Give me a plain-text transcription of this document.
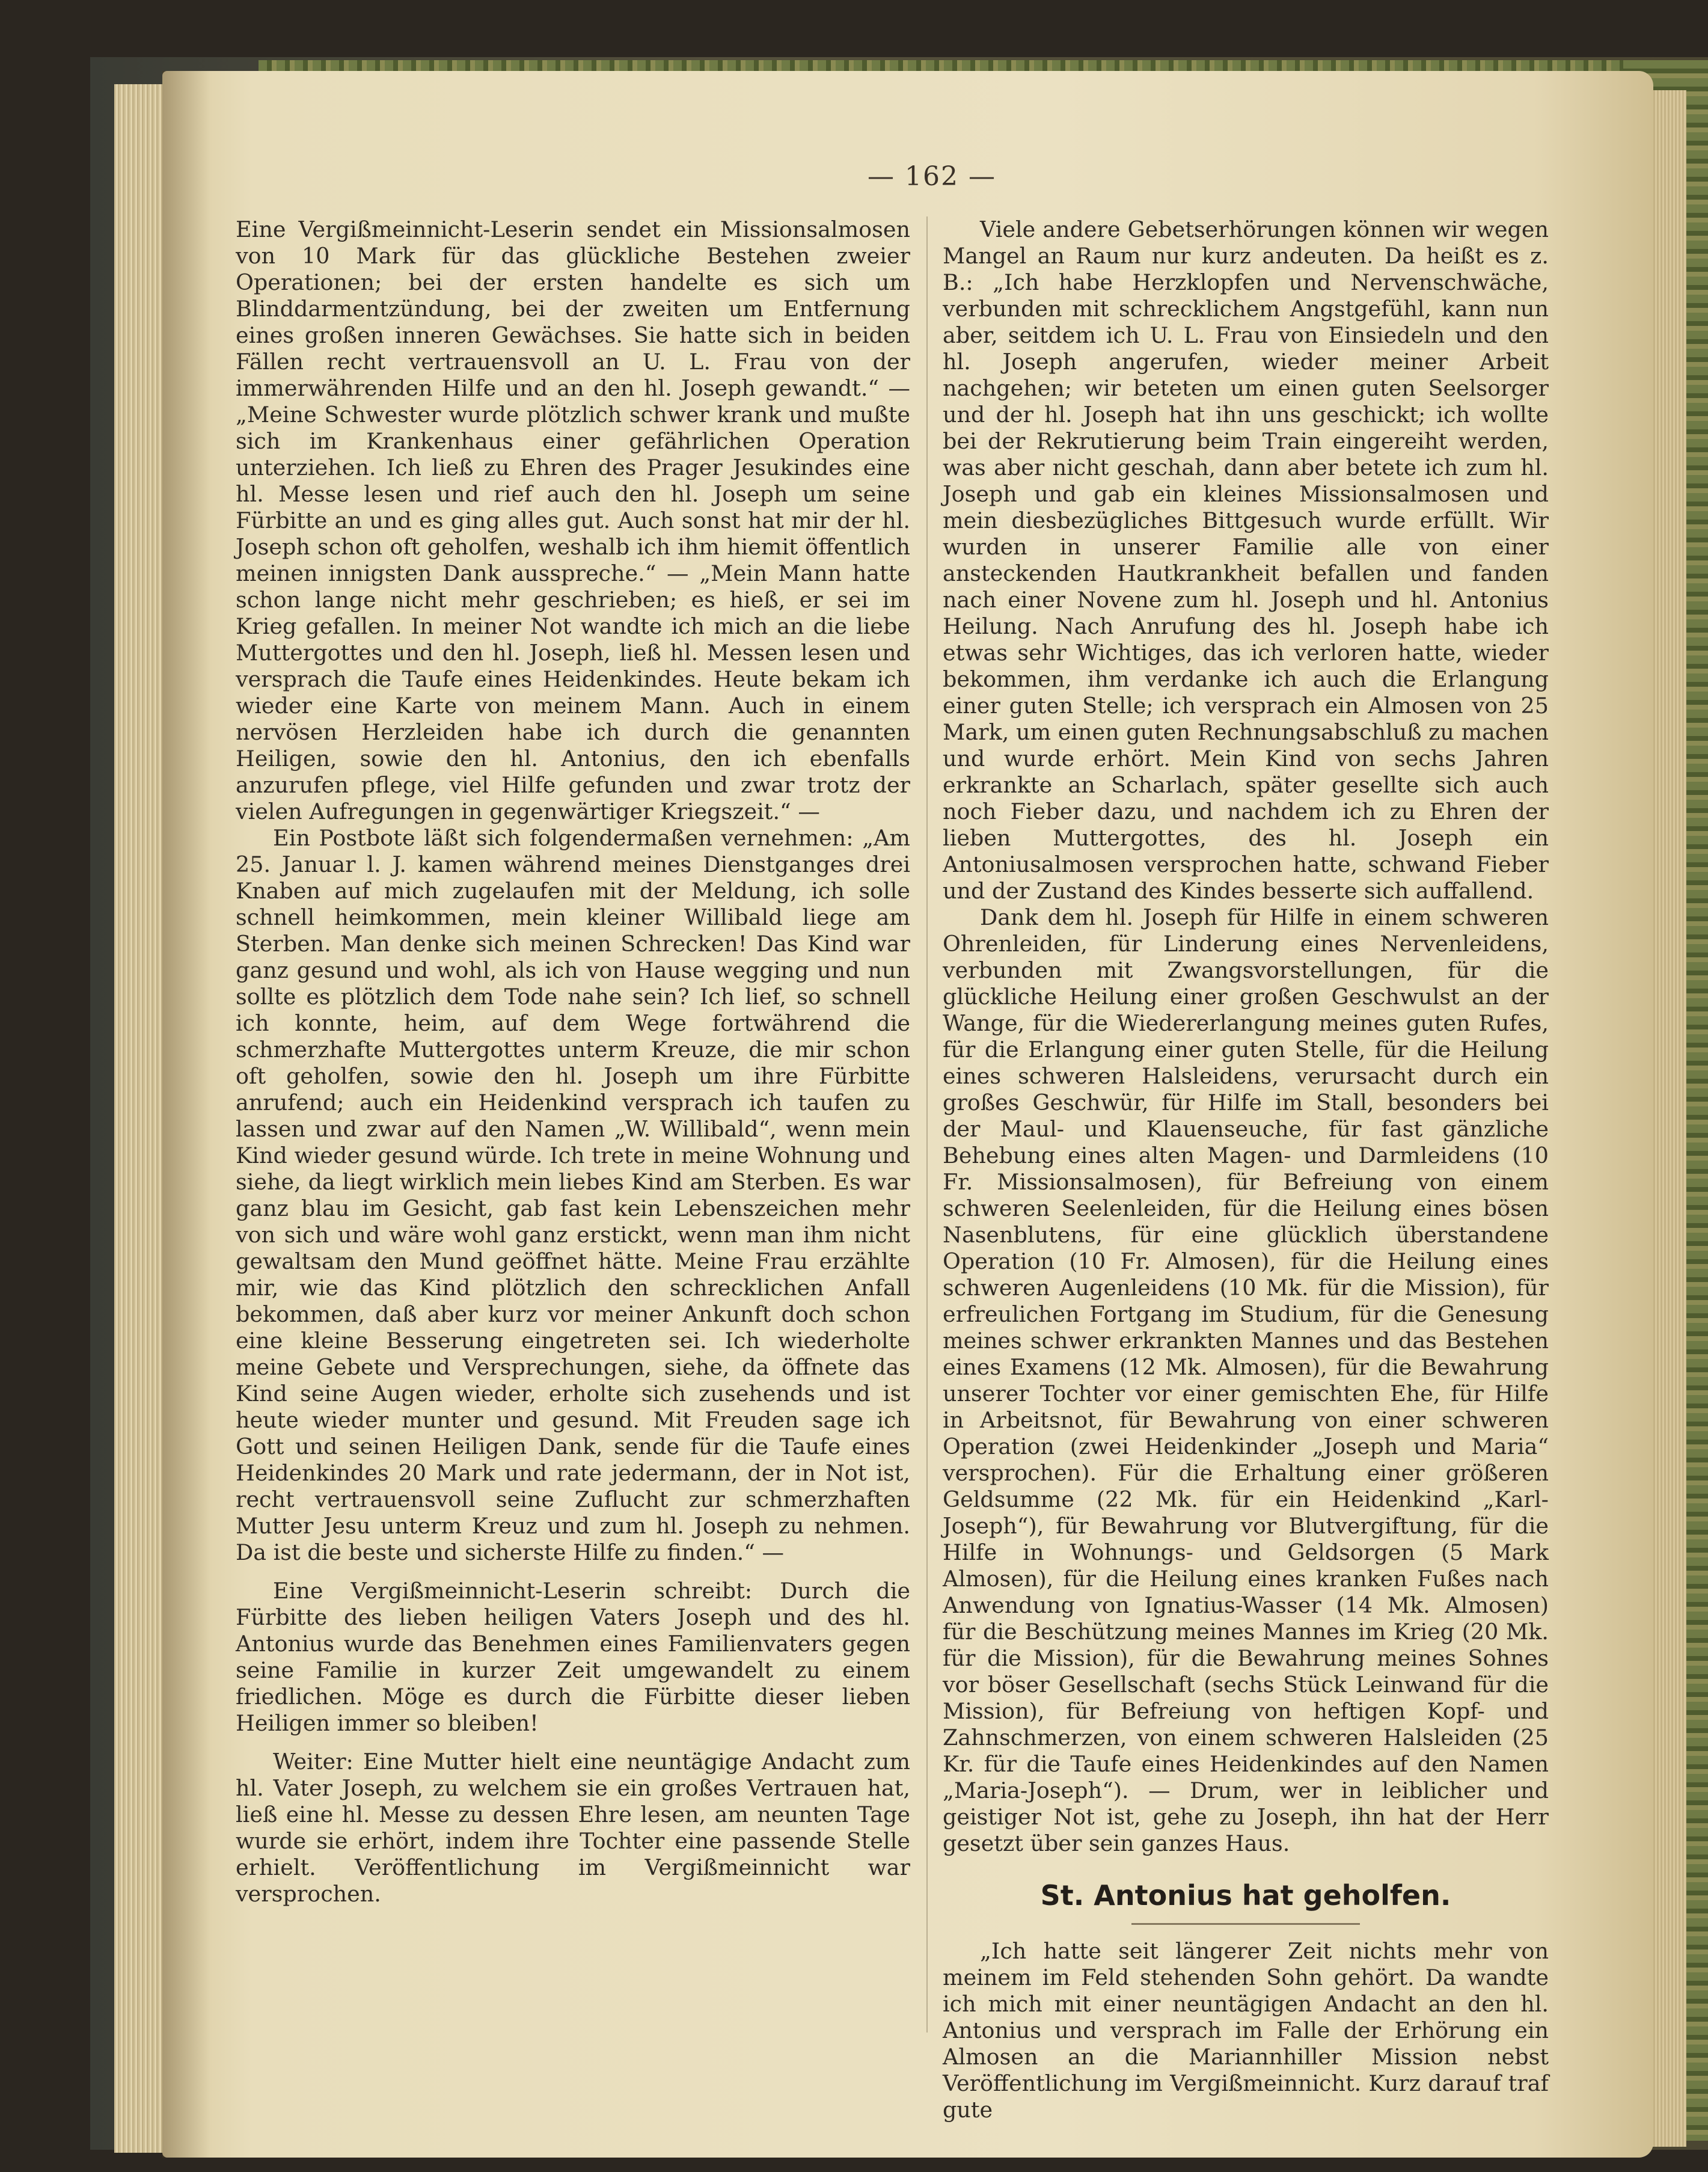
— 162 —

Eine Vergißmeinnicht-Leserin sendet ein Missionsalmosen von 10 Mark für das glückliche Bestehen zweier Operationen; bei der ersten handelte es sich um Blinddarmentzündung, bei der zweiten um Entfernung eines großen inneren Gewächses. Sie hatte sich in beiden Fällen recht vertrauensvoll an U. L. Frau von der immerwährenden Hilfe und an den hl. Joseph gewandt.“ — „Meine Schwester wurde plötzlich schwer krank und mußte sich im Krankenhaus einer gefährlichen Operation unterziehen. Ich ließ zu Ehren des Prager Jesukindes eine hl. Messe lesen und rief auch den hl. Joseph um seine Fürbitte an und es ging alles gut. Auch sonst hat mir der hl. Joseph schon oft geholfen, weshalb ich ihm hiemit öffentlich meinen innigsten Dank ausspreche.“ — „Mein Mann hatte schon lange nicht mehr geschrieben; es hieß, er sei im Krieg gefallen. In meiner Not wandte ich mich an die liebe Muttergottes und den hl. Joseph, ließ hl. Messen lesen und versprach die Taufe eines Heidenkindes. Heute bekam ich wieder eine Karte von meinem Mann. Auch in einem nervösen Herzleiden habe ich durch die genannten Heiligen, sowie den hl. Antonius, den ich ebenfalls anzurufen pflege, viel Hilfe gefunden und zwar trotz der vielen Aufregungen in gegenwärtiger Kriegszeit.“ —

Ein Postbote läßt sich folgendermaßen vernehmen: „Am 25. Januar l. J. kamen während meines Dienstganges drei Knaben auf mich zugelaufen mit der Meldung, ich solle schnell heimkommen, mein kleiner Willibald liege am Sterben. Man denke sich meinen Schrecken! Das Kind war ganz gesund und wohl, als ich von Hause wegging und nun sollte es plötzlich dem Tode nahe sein? Ich lief, so schnell ich konnte, heim, auf dem Wege fortwährend die schmerzhafte Muttergottes unterm Kreuze, die mir schon oft geholfen, sowie den hl. Joseph um ihre Fürbitte anrufend; auch ein Heidenkind versprach ich taufen zu lassen und zwar auf den Namen „W. Willibald“, wenn mein Kind wieder gesund würde. Ich trete in meine Wohnung und siehe, da liegt wirklich mein liebes Kind am Sterben. Es war ganz blau im Gesicht, gab fast kein Lebenszeichen mehr von sich und wäre wohl ganz erstickt, wenn man ihm nicht gewaltsam den Mund geöffnet hätte. Meine Frau erzählte mir, wie das Kind plötzlich den schrecklichen Anfall bekommen, daß aber kurz vor meiner Ankunft doch schon eine kleine Besserung eingetreten sei. Ich wiederholte meine Gebete und Versprechungen, siehe, da öffnete das Kind seine Augen wieder, erholte sich zusehends und ist heute wieder munter und gesund. Mit Freuden sage ich Gott und seinen Heiligen Dank, sende für die Taufe eines Heidenkindes 20 Mark und rate jedermann, der in Not ist, recht vertrauensvoll seine Zuflucht zur schmerzhaften Mutter Jesu unterm Kreuz und zum hl. Joseph zu nehmen. Da ist die beste und sicherste Hilfe zu finden.“ —

Eine Vergißmeinnicht-Leserin schreibt: Durch die Fürbitte des lieben heiligen Vaters Joseph und des hl. Antonius wurde das Benehmen eines Familienvaters gegen seine Familie in kurzer Zeit umgewandelt zu einem friedlichen. Möge es durch die Fürbitte dieser lieben Heiligen immer so bleiben!

Weiter: Eine Mutter hielt eine neuntägige Andacht zum hl. Vater Joseph, zu welchem sie ein großes Vertrauen hat, ließ eine hl. Messe zu dessen Ehre lesen, am neunten Tage wurde sie erhört, indem ihre Tochter eine passende Stelle erhielt. Veröffentlichung im Vergißmeinnicht war versprochen.

Viele andere Gebetserhörungen können wir wegen Mangel an Raum nur kurz andeuten. Da heißt es z. B.: „Ich habe Herzklopfen und Nervenschwäche, verbunden mit schrecklichem Angstgefühl, kann nun aber, seitdem ich U. L. Frau von Einsiedeln und den hl. Joseph angerufen, wieder meiner Arbeit nachgehen; wir beteten um einen guten Seelsorger und der hl. Joseph hat ihn uns geschickt; ich wollte bei der Rekrutierung beim Train eingereiht werden, was aber nicht geschah, dann aber betete ich zum hl. Joseph und gab ein kleines Missionsalmosen und mein diesbezügliches Bittgesuch wurde erfüllt. Wir wurden in unserer Familie alle von einer ansteckenden Hautkrankheit befallen und fanden nach einer Novene zum hl. Joseph und hl. Antonius Heilung. Nach Anrufung des hl. Joseph habe ich etwas sehr Wichtiges, das ich verloren hatte, wieder bekommen, ihm verdanke ich auch die Erlangung einer guten Stelle; ich versprach ein Almosen von 25 Mark, um einen guten Rechnungsabschluß zu machen und wurde erhört. Mein Kind von sechs Jahren erkrankte an Scharlach, später gesellte sich auch noch Fieber dazu, und nachdem ich zu Ehren der lieben Muttergottes, des hl. Joseph ein Antoniusalmosen versprochen hatte, schwand Fieber und der Zustand des Kindes besserte sich auffallend.

Dank dem hl. Joseph für Hilfe in einem schweren Ohrenleiden, für Linderung eines Nervenleidens, verbunden mit Zwangsvorstellungen, für die glückliche Heilung einer großen Geschwulst an der Wange, für die Wiedererlangung meines guten Rufes, für die Erlangung einer guten Stelle, für die Heilung eines schweren Halsleidens, verursacht durch ein großes Geschwür, für Hilfe im Stall, besonders bei der Maul- und Klauenseuche, für fast gänzliche Behebung eines alten Magen- und Darmleidens (10 Fr. Missionsalmosen), für Befreiung von einem schweren Seelenleiden, für die Heilung eines bösen Nasenblutens, für eine glücklich überstandene Operation (10 Fr. Almosen), für die Heilung eines schweren Augenleidens (10 Mk. für die Mission), für erfreulichen Fortgang im Studium, für die Genesung meines schwer erkrankten Mannes und das Bestehen eines Examens (12 Mk. Almosen), für die Bewahrung unserer Tochter vor einer gemischten Ehe, für Hilfe in Arbeitsnot, für Bewahrung von einer schweren Operation (zwei Heidenkinder „Joseph und Maria“ versprochen). Für die Erhaltung einer größeren Geldsumme (22 Mk. für ein Heidenkind „Karl-Joseph“), für Bewahrung vor Blutvergiftung, für die Hilfe in Wohnungs- und Geldsorgen (5 Mark Almosen), für die Heilung eines kranken Fußes nach Anwendung von Ignatius-Wasser (14 Mk. Almosen) für die Beschützung meines Mannes im Krieg (20 Mk. für die Mission), für die Bewahrung meines Sohnes vor böser Gesellschaft (sechs Stück Leinwand für die Mission), für Befreiung von heftigen Kopf- und Zahnschmerzen, von einem schweren Halsleiden (25 Kr. für die Taufe eines Heidenkindes auf den Namen „Maria-Joseph“). — Drum, wer in leiblicher und geistiger Not ist, gehe zu Joseph, ihn hat der Herr gesetzt über sein ganzes Haus.

St. Antonius hat geholfen.

„Ich hatte seit längerer Zeit nichts mehr von meinem im Feld stehenden Sohn gehört. Da wandte ich mich mit einer neuntägigen Andacht an den hl. Antonius und versprach im Falle der Erhörung ein Almosen an die Mariannhiller Mission nebst Veröffentlichung im Vergißmeinnicht. Kurz darauf traf gute
